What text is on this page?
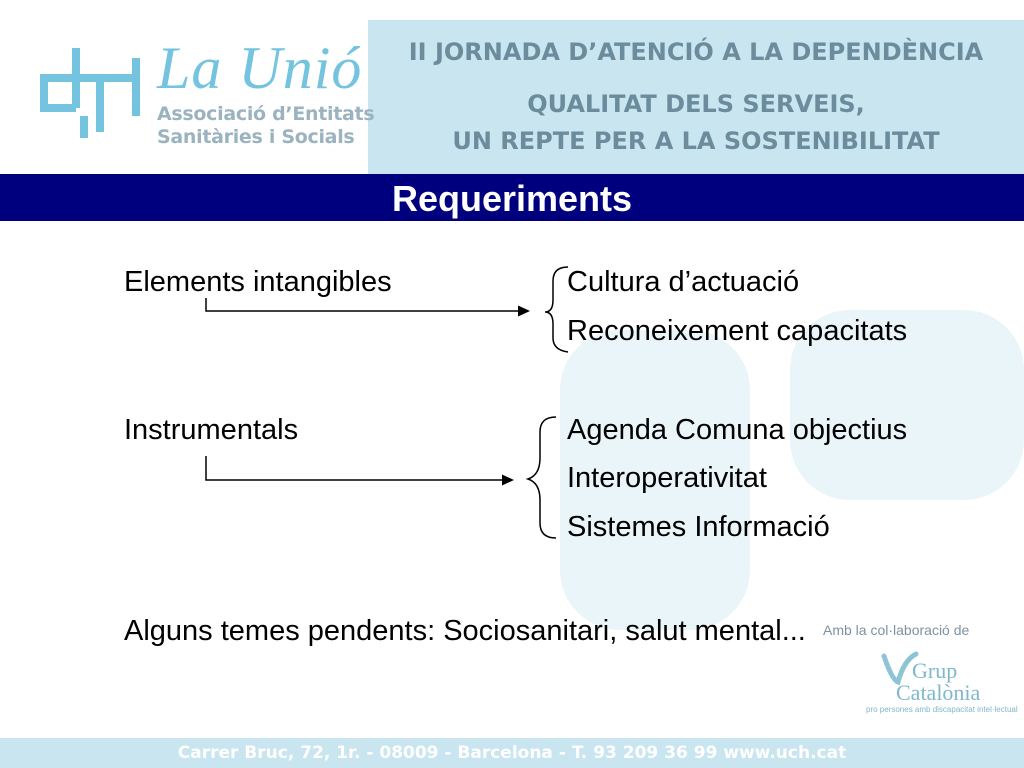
La Unió
Associació d’Entitats
Sanitàries i Socials
II JORNADA D’ATENCIÓ A LA DEPENDÈNCIA
QUALITAT DELS SERVEIS,
UN REPTE PER A LA SOSTENIBILITAT
Requeriments
Elements intangibles	Cultura d’actuació
Reconeixement capacitats
Instrumentals	Agenda Comuna objectius
Interoperativitat
Sistemes Informació
Amb la col·laboració de
Grup
Catalònia
pro persones amb discapacitat intel·lectual
Alguns temes pendents: Sociosanitari, salut mental...
Carrer Bruc, 72, 1r. - 08009 - Barcelona - T. 93 209 36 99 www.uch.cat
